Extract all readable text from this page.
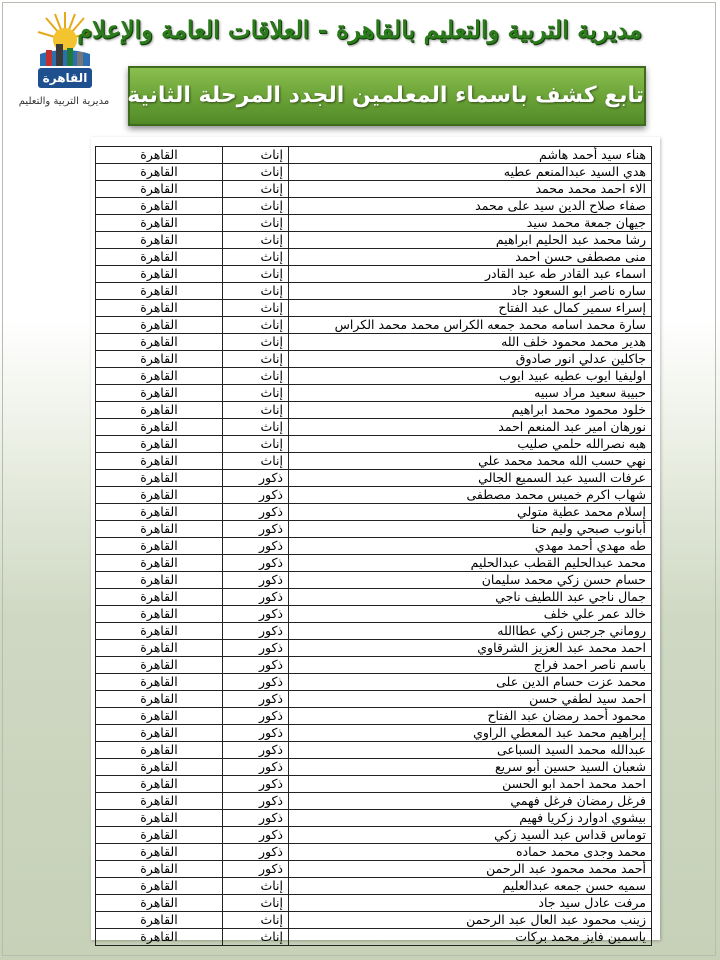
القاهرة
مديرية التربية والتعليم
مديرية التربية والتعليم بالقاهرة - العلاقات العامة والإعلام
تابع كشف باسماء المعلمين الجدد المرحلة الثانية
هناء سيد أحمد هاشم	إناث	القاهرة
هدي السيد عبدالمنعم عطيه	إناث	القاهرة
الاء احمد محمد محمد	إناث	القاهرة
صفاء صلاح الدين سيد على محمد	إناث	القاهرة
جيهان جمعة محمد سيد	إناث	القاهرة
رشا محمد عبد الحليم ابراهيم	إناث	القاهرة
منى مصطفى حسن احمد	إناث	القاهرة
اسماء عبد القادر طه عبد القادر	إناث	القاهرة
ساره ناصر ابو السعود جاد	إناث	القاهرة
إسراء سمير كمال عبد الفتاح	إناث	القاهرة
سارة محمد اسامه محمد جمعه الكراس محمد محمد الكراس	إناث	القاهرة
هدير محمد محمود خلف الله	إناث	القاهرة
جاكلين عدلي انور صادوق	إناث	القاهرة
اوليفيا ايوب عطيه عبيد ايوب	إناث	القاهرة
حبيبة سعيد مراد سبيه	إناث	القاهرة
خلود محمود محمد ابراهيم	إناث	القاهرة
نورهان امير عبد المنعم احمد	إناث	القاهرة
هبه نصرالله حلمي صليب	إناث	القاهرة
نهي حسب الله محمد محمد علي	إناث	القاهرة
عرفات السيد عبد السميع الجالي	ذكور	القاهرة
شهاب اكرم خميس محمد مصطفى	ذكور	القاهرة
إسلام محمد عطية متولي	ذكور	القاهرة
أبانوب صبحي وليم حنا	ذكور	القاهرة
طه مهدي أحمد مهدي	ذكور	القاهرة
محمد عبدالحليم القطب عبدالحليم	ذكور	القاهرة
حسام حسن زكي محمد سليمان	ذكور	القاهرة
جمال ناجي عبد اللطيف ناجي	ذكور	القاهرة
خالد عمر علي خلف	ذكور	القاهرة
روماني جرجس زكي عطاالله	ذكور	القاهرة
احمد محمد عبد العزيز الشرقاوي	ذكور	القاهرة
باسم ناصر احمد فراج	ذكور	القاهرة
محمد عزت حسام الدين على	ذكور	القاهرة
احمد سيد لطفي حسن	ذكور	القاهرة
محمود أحمد رمضان عبد الفتاح	ذكور	القاهرة
إبراهيم محمد عبد المعطي الراوي	ذكور	القاهرة
عبدالله محمد السيد السباعى	ذكور	القاهرة
شعبان السيد حسين أبو سريع	ذكور	القاهرة
احمد محمد احمد ابو الحسن	ذكور	القاهرة
فرغل رمضان فرغل فهمي	ذكور	القاهرة
بيشوي ادوارد زكريا فهيم	ذكور	القاهرة
توماس قداس عبد السيد زكي	ذكور	القاهرة
محمد وجدى محمد حماده	ذكور	القاهرة
أحمد محمد محمود عبد الرحمن	ذكور	القاهرة
سميه حسن جمعه عبدالعليم	إناث	القاهرة
مرفت عادل سيد جاد	إناث	القاهرة
زينب محمود عبد العال عبد الرحمن	إناث	القاهرة
ياسمين فايز محمد بركات	إناث	القاهرة
